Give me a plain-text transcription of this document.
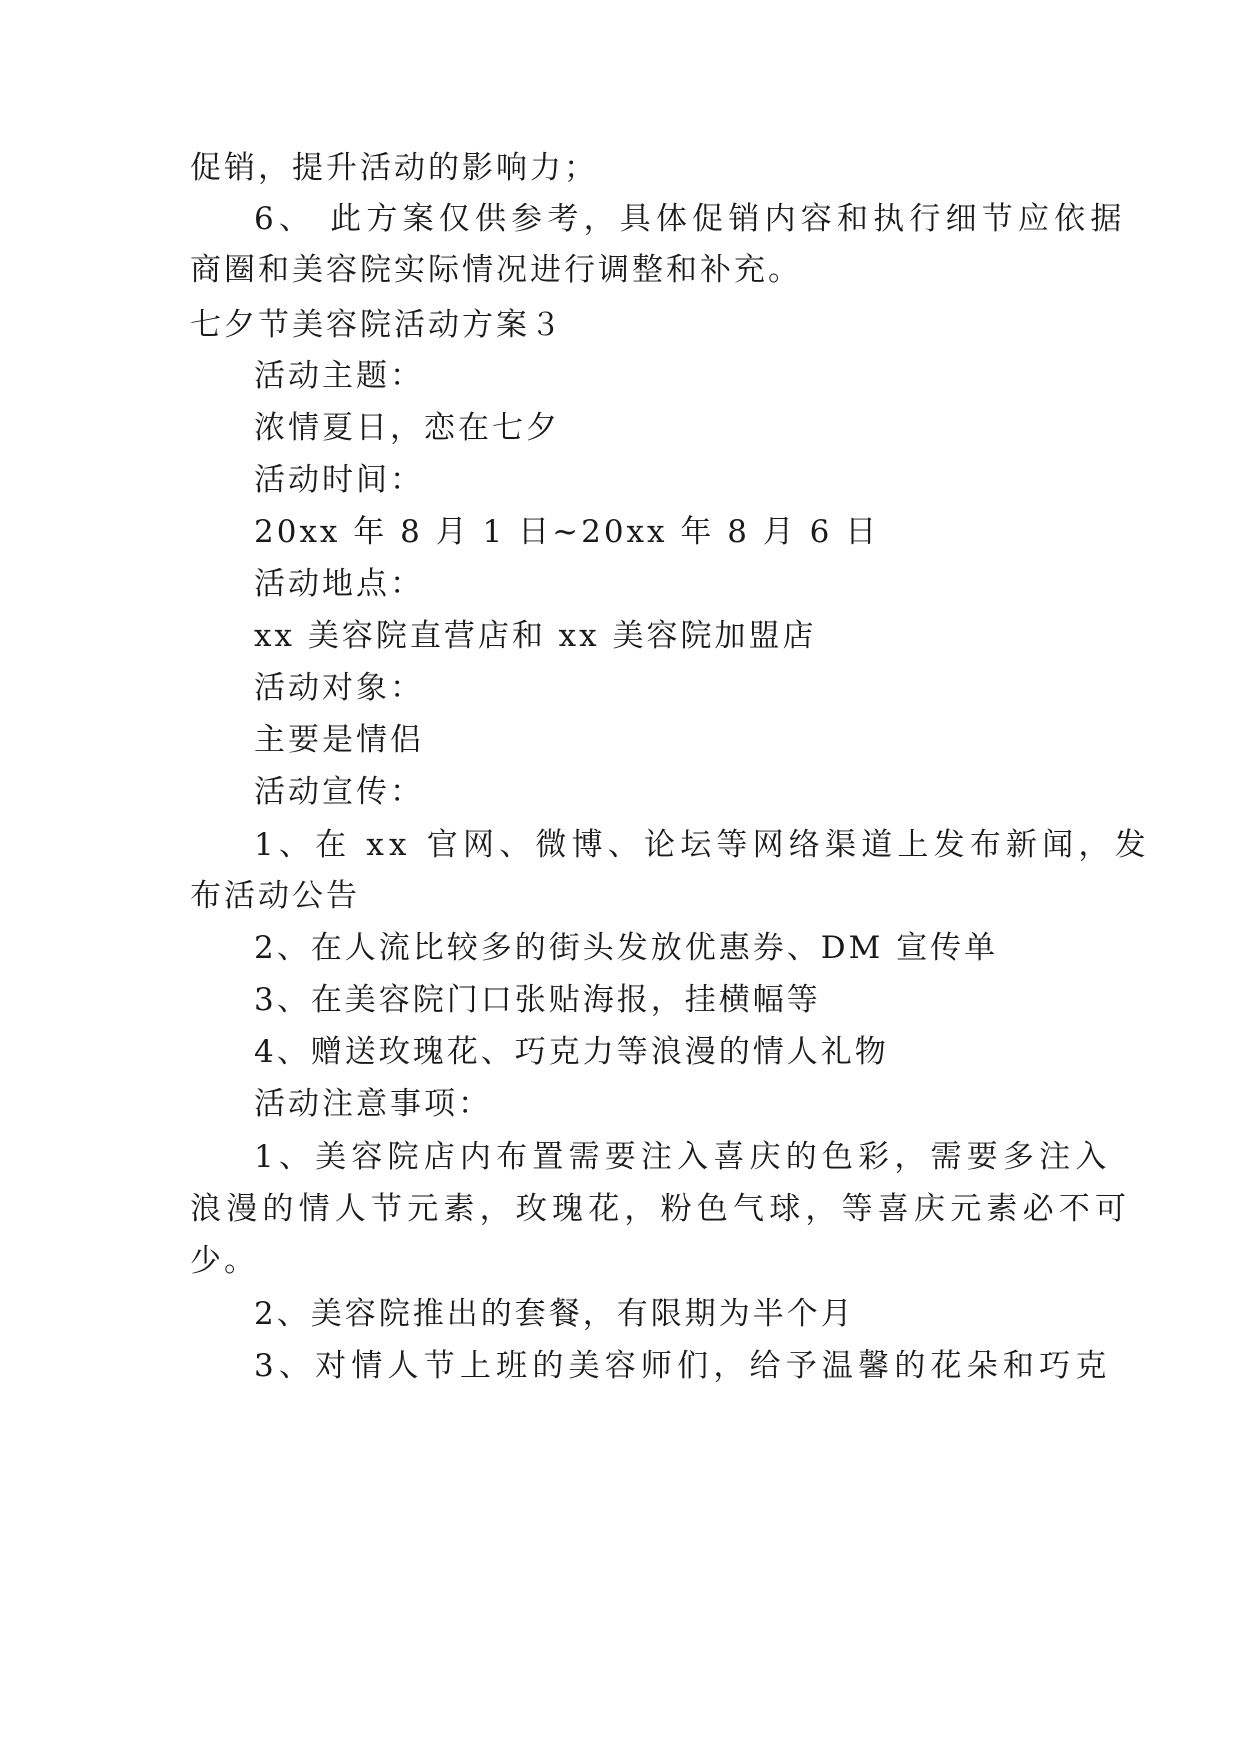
促销，提升活动的影响力；
6、 此方案仅供参考，具体促销内容和执行细节应依据
商圈和美容院实际情况进行调整和补充。
七夕节美容院活动方案３
活动主题：
浓情夏日，恋在七夕
活动时间：
20xx 年 8 月 1 日~20xx 年 8 月 6 日
活动地点：
xx 美容院直营店和 xx 美容院加盟店
活动对象：
主要是情侣
活动宣传：
1、在 xx 官网、微博、论坛等网络渠道上发布新闻，发
布活动公告
2、在人流比较多的街头发放优惠券、DM 宣传单
3、在美容院门口张贴海报，挂横幅等
4、赠送玫瑰花、巧克力等浪漫的情人礼物
活动注意事项：
1、美容院店内布置需要注入喜庆的色彩，需要多注入
浪漫的情人节元素，玫瑰花，粉色气球，等喜庆元素必不可
少。
2、美容院推出的套餐，有限期为半个月
3、对情人节上班的美容师们，给予温馨的花朵和巧克
